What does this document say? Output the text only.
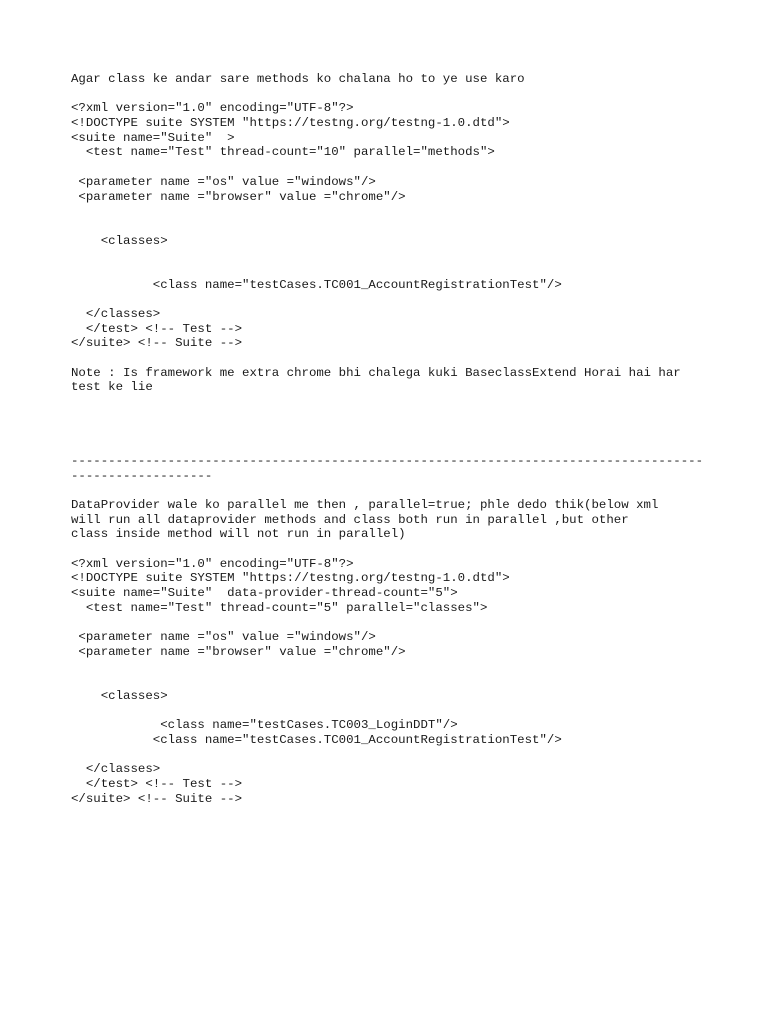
Agar class ke andar sare methods ko chalana ho to ye use karo
<?xml version="1.0" encoding="UTF-8"?>
<!DOCTYPE suite SYSTEM "https://testng.org/testng-1.0.dtd">
<suite name="Suite"  >
<test name="Test" thread-count="10" parallel="methods">
<parameter name ="os" value ="windows"/>
<parameter name ="browser" value ="chrome"/>
<classes>
<class name="testCases.TC001_AccountRegistrationTest"/>
</classes>
</test> <!-- Test -->
</suite> <!-- Suite -->
Note : Is framework me extra chrome bhi chalega kuki BaseclassExtend Horai hai har
test ke lie
-------------------------------------------------------------------------------------
-------------------
DataProvider wale ko parallel me then , parallel=true; phle dedo thik(below xml
will run all dataprovider methods and class both run in parallel ,but other
class inside method will not run in parallel)
<?xml version="1.0" encoding="UTF-8"?>
<!DOCTYPE suite SYSTEM "https://testng.org/testng-1.0.dtd">
<suite name="Suite"  data-provider-thread-count="5">
<test name="Test" thread-count="5" parallel="classes">
<parameter name ="os" value ="windows"/>
<parameter name ="browser" value ="chrome"/>
<classes>
<class name="testCases.TC003_LoginDDT"/>
<class name="testCases.TC001_AccountRegistrationTest"/>
</classes>
</test> <!-- Test -->
</suite> <!-- Suite -->
